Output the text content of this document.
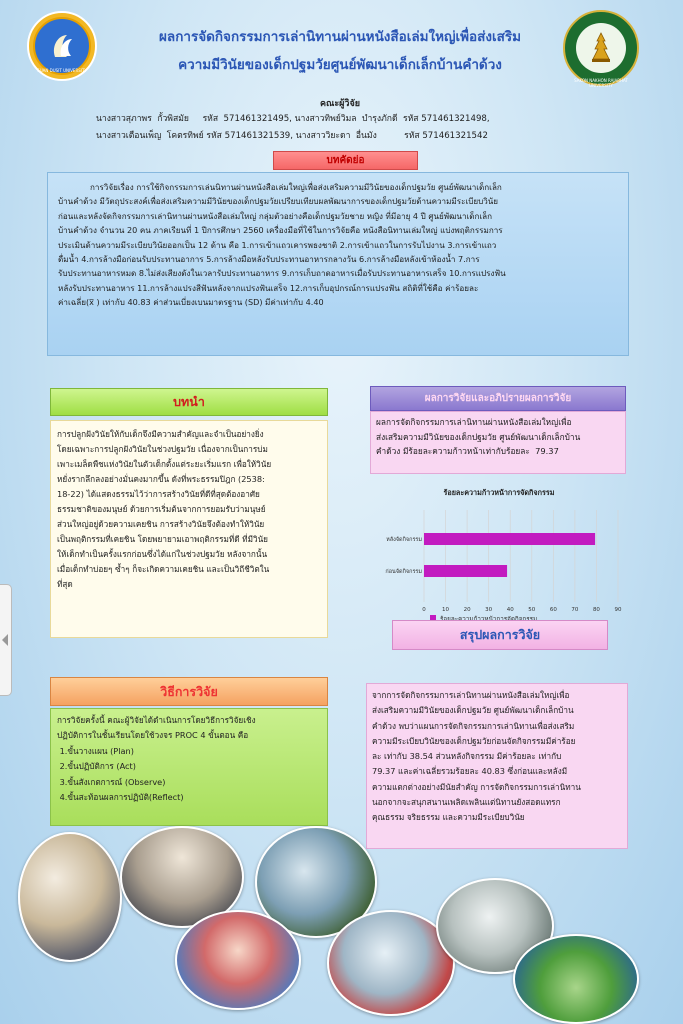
SUAN DUSIT UNIVERSITY
SAKON NAKHON RAJABHAT UNIVERSITY
ผลการจัดกิจกรรมการเล่านิทานผ่านหนังสือเล่มใหญ่เพื่อส่งเสริม
ความมีวินัยของเด็กปฐมวัยศูนย์พัฒนาเด็กเล็กบ้านคำด้วง
คณะผู้วิจัย
นางสาวสุภาพร  กั้วพิสมัย     รหัส  571461321495, นางสาวทิพย์วิมล  บำรุงภักดี  รหัส 571461321498,
นางสาวเตือนเพ็ญ  โคตรทิพย์ รหัส 571461321539, นางสาววิยะดา  อื่นมัง          รหัส 571461321542
บทคัดย่อ
การวิจัยเรื่อง การใช้กิจกรรมการเล่นนิทานผ่านหนังสือเล่มใหญ่เพื่อส่งเสริมความมีวินัยของเด็กปฐมวัย ศูนย์พัฒนาเด็กเล็ก
บ้านคำด้วง มีวัตถุประสงค์เพื่อส่งเสริมความมีวินัยของเด็กปฐมวัยเปรียบเทียบผลพัฒนาการของเด็กปฐมวัยด้านความมีระเบียบวินัย
ก่อนและหลังจัดกิจกรรมการเล่านิทานผ่านหนังสือเล่มใหญ่ กลุ่มตัวอย่างคือเด็กปฐมวัยชาย หญิง ที่มีอายุ 4 ปี ศูนย์พัฒนาเด็กเล็ก
บ้านคำด้วง จำนวน 20 คน ภาคเรียนที่ 1 ปีการศึกษา 2560 เครื่องมือที่ใช้ในการวิจัยคือ หนังสือนิทานเล่มใหญ่ แบ่งพฤติกรรมการ
ประเมินด้านความมีระเบียบวินัยออกเป็น 12 ด้าน คือ 1.การเข้าแถวเคารพธงชาติ 2.การเข้าแถวในการรับไปงาน 3.การเข้าแถว
ดื่มน้ำ 4.การล้างมือก่อนรับประทานอาการ 5.การล้างมือหลังรับประทานอาหารกลางวัน 6.การล้างมือหลังเข้าห้องน้ำ 7.การ
รับประทานอาหารหมด 8.ไม่ส่งเสียงดังในเวลารับประทานอาหาร 9.การเก็บถาดอาหารเมื่อรับประทานอาหารเสร็จ 10.การแปรงฟัน
หลังรับประทานอาหาร 11.การล้างแปรงสีฟันหลังจากแปรงฟันเสร็จ 12.การเก็บอุปกรณ์การแปรงฟัน สถิติที่ใช้คือ ค่าร้อยละ
ค่าเฉลี่ย(x̅ ) เท่ากับ 40.83 ค่าส่วนเบี่ยงเบนมาตรฐาน (SD) มีค่าเท่ากับ 4.40
บทนำ
การปลูกฝังวินัยให้กับเด็กจึงมีความสำคัญและจำเป็นอย่างยิ่ง
โดยเฉพาะการปลูกฝังวินัยในช่วงปฐมวัย เนื่องจากเป็นการบ่ม
เพาะเมล็ดพืชแห่งวินัยในตัวเด็กตั้งแต่ระยะเริ่มแรก เพื่อให้วินัย
หยั่งรากลึกลงอย่างมั่นคงมากขึ้น ดังที่พระธรรมปิฎก (2538:
18-22) ได้แสดงธรรมไว้ว่าการสร้างวินัยที่ดีที่สุดต้องอาศัย
ธรรมชาติของมนุษย์ ด้วยการเริ่มต้นจากการยอมรับว่ามนุษย์
ส่วนใหญ่อยู่ด้วยความเคยชิน การสร้างวินัยจึงต้องทำให้วินัย
เป็นพฤติกรรมที่เคยชิน โดยพยายามเอาพฤติกรรมที่ดี ที่มีวินัย
ให้เด็กทำเป็นครั้งแรกก่อนซึ่งได้แก่ในช่วงปฐมวัย หลังจากนั้น
เมื่อเด็กทำบ่อยๆ ซ้ำๆ ก็จะเกิดความเคยชิน และเป็นวิถีชีวิตใน
ที่สุด
วิธีการวิจัย
การวิจัยครั้งนี้ คณะผู้วิจัยได้ดำเนินการโดยวิธีการวิจัยเชิง
ปฏิบัติการในชั้นเรียนโดยใช้วงจร PROC 4 ขั้นตอน คือ
1.ขั้นวางแผน (Plan)
2.ขั้นปฏิบัติการ (Act)
3.ขั้นสังเกตการณ์ (Observe)
4.ขั้นสะท้อนผลการปฏิบัติ(Reflect)
ผลการวิจัยและอภิปรายผลการวิจัย
ผลการจัดกิจกรรมการเล่านิทานผ่านหนังสือเล่มใหญ่เพื่อ
ส่งเสริมความมีวินัยของเด็กปฐมวัย ศูนย์พัฒนาเด็กเล็กบ้าน
คำด้วง มีร้อยละความก้าวหน้าเท่ากับร้อยละ  79.37
ร้อยละความก้าวหน้าการจัดกิจกรรม
0	10	20	30	40	50	60	70	80	90
หลังจัดกิจกรรม
ก่อนจัดกิจกรรม
สรุปผลการวิจัย
จากการจัดกิจกรรมการเล่านิทานผ่านหนังสือเล่มใหญ่เพื่อ
ส่งเสริมความมีวินัยของเด็กปฐมวัย ศูนย์พัฒนาเด็กเล็กบ้าน
คำด้วง พบว่าแผนการจัดกิจกรรมการเล่านิทานเพื่อส่งเสริม
ความมีระเบียบวินัยของเด็กปฐมวัยก่อนจัดกิจกรรมมีค่าร้อย
ละ เท่ากับ 38.54 ส่วนหลังกิจกรรม มีค่าร้อยละ เท่ากับ
79.37 และค่าเฉลี่ยรวมร้อยละ 40.83 ซึ่งก่อนและหลังมี
ความแตกต่างอย่างมีนัยสำคัญ การจัดกิจกรรมการเล่านิทาน
นอกจากจะสนุกสนานเพลิดเพลินแต่นิทานยังสอดแทรก
คุณธรรม จริยธรรม และความมีระเบียบวินัย
